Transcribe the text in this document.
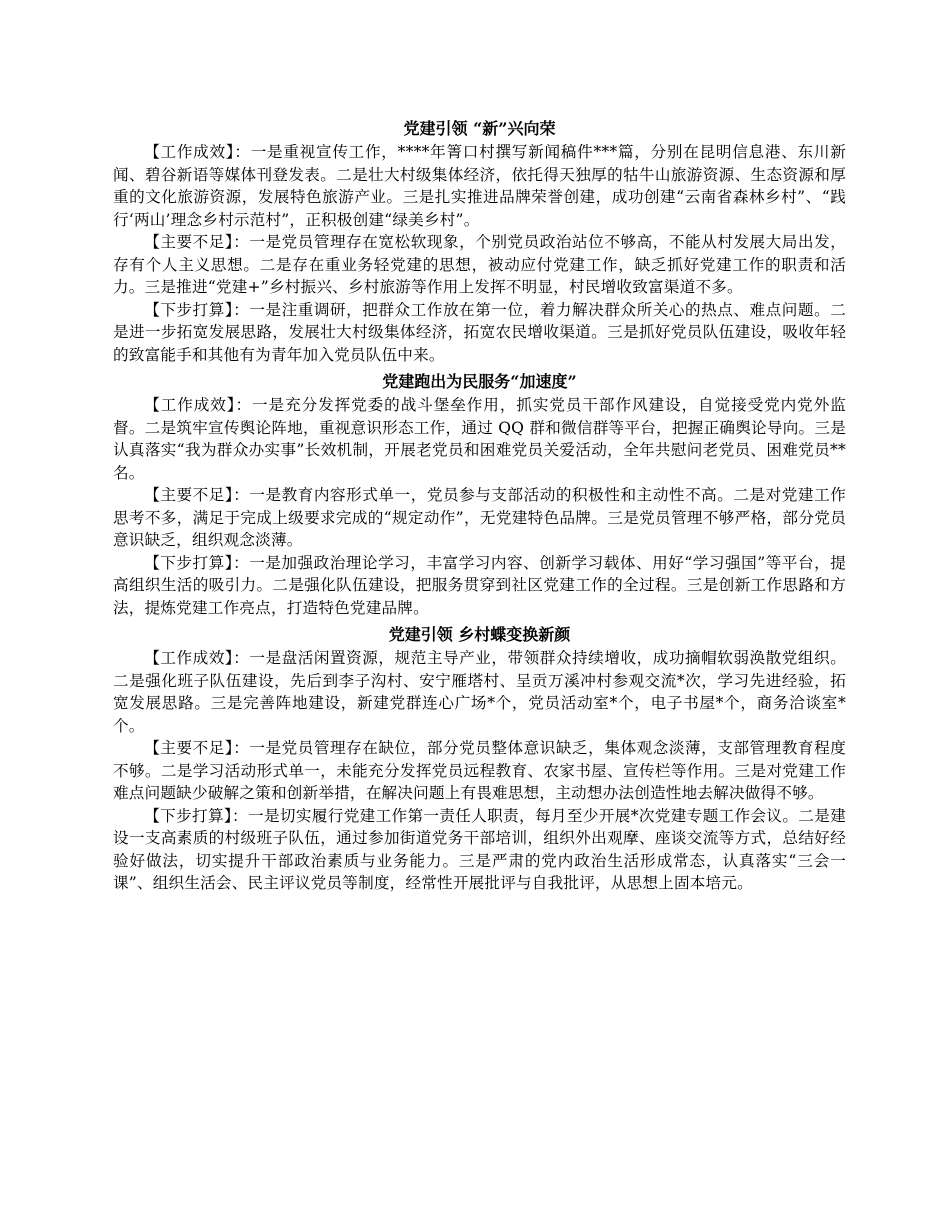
党建引领 “新”兴向荣

【工作成效】：一是重视宣传工作，****年箐口村撰写新闻稿件***篇，分别在昆明信息港、东川新闻、碧谷新语等媒体刊登发表。二是壮大村级集体经济，依托得天独厚的牯牛山旅游资源、生态资源和厚重的文化旅游资源，发展特色旅游产业。三是扎实推进品牌荣誉创建，成功创建“云南省森林乡村”、“践行‘两山’理念乡村示范村”，正积极创建“绿美乡村”。

【主要不足】：一是党员管理存在宽松软现象，个别党员政治站位不够高，不能从村发展大局出发，存有个人主义思想。二是存在重业务轻党建的思想，被动应付党建工作，缺乏抓好党建工作的职责和活力。三是推进“党建+”乡村振兴、乡村旅游等作用上发挥不明显，村民增收致富渠道不多。

【下步打算】：一是注重调研，把群众工作放在第一位，着力解决群众所关心的热点、难点问题。二是进一步拓宽发展思路，发展壮大村级集体经济，拓宽农民增收渠道。三是抓好党员队伍建设，吸收年轻的致富能手和其他有为青年加入党员队伍中来。

党建跑出为民服务“加速度”

【工作成效】：一是充分发挥党委的战斗堡垒作用，抓实党员干部作风建设，自觉接受党内党外监督。二是筑牢宣传舆论阵地，重视意识形态工作，通过 QQ 群和微信群等平台，把握正确舆论导向。三是认真落实“我为群众办实事”长效机制，开展老党员和困难党员关爱活动，全年共慰问老党员、困难党员**名。

【主要不足】：一是教育内容形式单一，党员参与支部活动的积极性和主动性不高。二是对党建工作思考不多，满足于完成上级要求完成的“规定动作”，无党建特色品牌。三是党员管理不够严格，部分党员意识缺乏，组织观念淡薄。

【下步打算】：一是加强政治理论学习，丰富学习内容、创新学习载体、用好“学习强国”等平台，提高组织生活的吸引力。二是强化队伍建设，把服务贯穿到社区党建工作的全过程。三是创新工作思路和方法，提炼党建工作亮点，打造特色党建品牌。

党建引领 乡村蝶变换新颜

【工作成效】：一是盘活闲置资源，规范主导产业，带领群众持续增收，成功摘帽软弱涣散党组织。二是强化班子队伍建设，先后到李子沟村、安宁雁塔村、呈贡万溪冲村参观交流*次，学习先进经验，拓宽发展思路。三是完善阵地建设，新建党群连心广场*个，党员活动室*个，电子书屋*个，商务洽谈室*个。

【主要不足】：一是党员管理存在缺位，部分党员整体意识缺乏，集体观念淡薄，支部管理教育程度不够。二是学习活动形式单一，未能充分发挥党员远程教育、农家书屋、宣传栏等作用。三是对党建工作难点问题缺少破解之策和创新举措，在解决问题上有畏难思想，主动想办法创造性地去解决做得不够。

【下步打算】：一是切实履行党建工作第一责任人职责，每月至少开展*次党建专题工作会议。二是建设一支高素质的村级班子队伍，通过参加街道党务干部培训，组织外出观摩、座谈交流等方式，总结好经验好做法，切实提升干部政治素质与业务能力。三是严肃的党内政治生活形成常态，认真落实“三会一课”、组织生活会、民主评议党员等制度，经常性开展批评与自我批评，从思想上固本培元。
